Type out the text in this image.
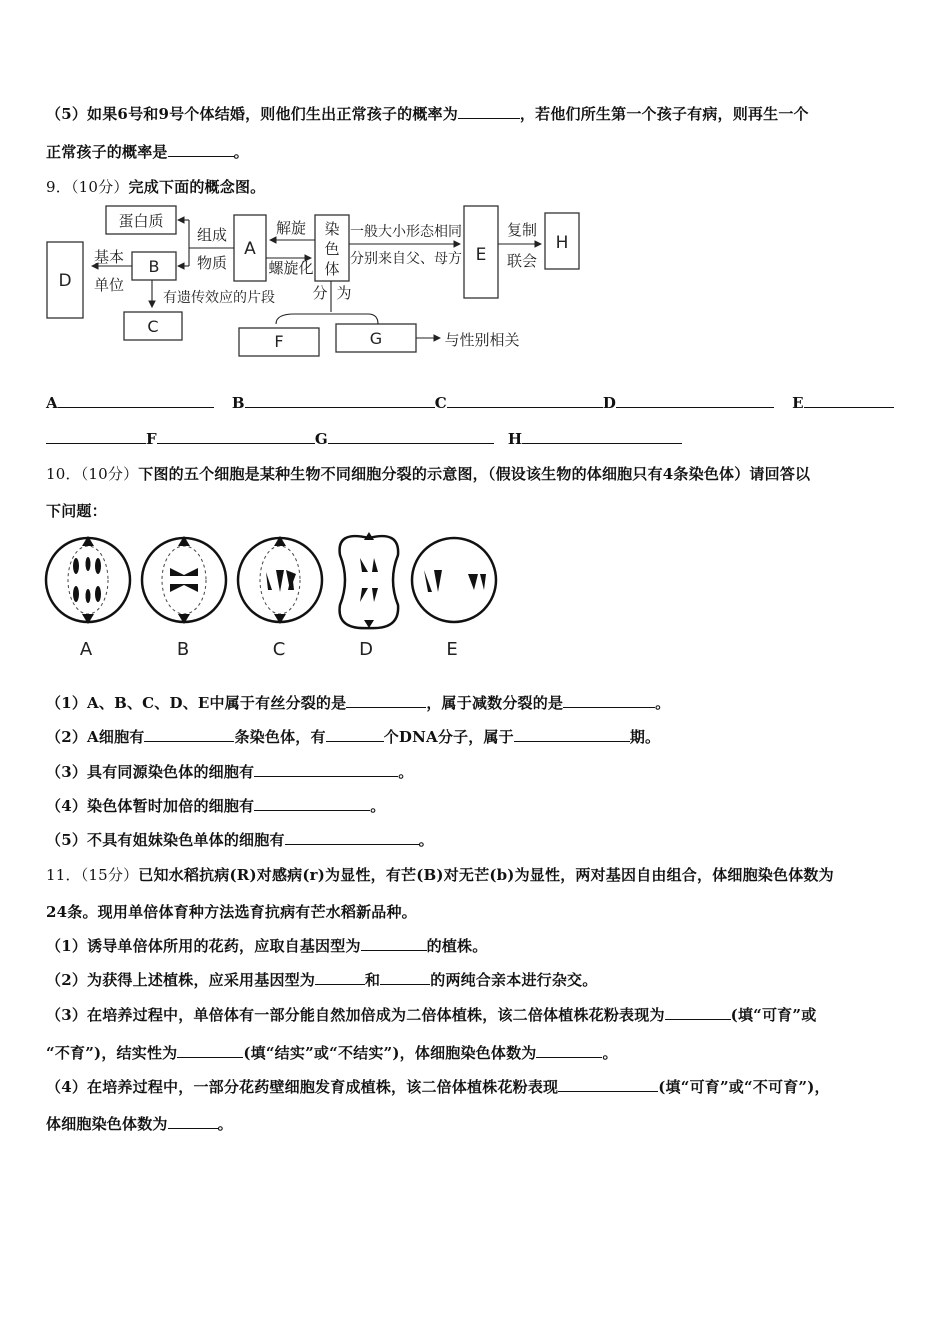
（5）如果6号和9号个体结婚，则他们生出正常孩子的概率为	，若他们所生第一个孩子有病，则再生一个
正常孩子的概率是	。
9．（10分）完成下面的概念图。
蛋白质
D
B
C
A
染
色
体
E
H
F	G
组成
物质
基本
单位
解旋
螺旋化
一般大小形态相同
分别来自父、母方
复制
联会
有遗传效应的片段 分 为
与性别相关
A	B	C	D	E
F	G	H
10．（10分）下图的五个细胞是某种生物不同细胞分裂的示意图，（假设该生物的体细胞只有4条染色体）请回答以
下问题：
A	B	C	D	E
（1）A、B、C、D、E中属于有丝分裂的是	，属于减数分裂的是	。
（2）A细胞有	条染色体，有	个DNA分子，属于	期。
（3）具有同源染色体的细胞有	。
（4）染色体暂时加倍的细胞有	。
（5）不具有姐妹染色单体的细胞有	。
11．（15分）已知水稻抗病(R)对感病(r)为显性，有芒(B)对无芒(b)为显性，两对基因自由组合，体细胞染色体数为
24条。现用单倍体育种方法选育抗病有芒水稻新品种。
（1）诱导单倍体所用的花药，应取自基因型为	的植株。
（2）为获得上述植株，应采用基因型为	和	的两纯合亲本进行杂交。
（3）在培养过程中，单倍体有一部分能自然加倍成为二倍体植株，该二倍体植株花粉表现为	(填“可育”或
“不育”)，结实性为	(填“结实”或“不结实”)，体细胞染色体数为	。
（4）在培养过程中，一部分花药壁细胞发育成植株，该二倍体植株花粉表现	(填“可育”或“不可育”)，
体细胞染色体数为	。
